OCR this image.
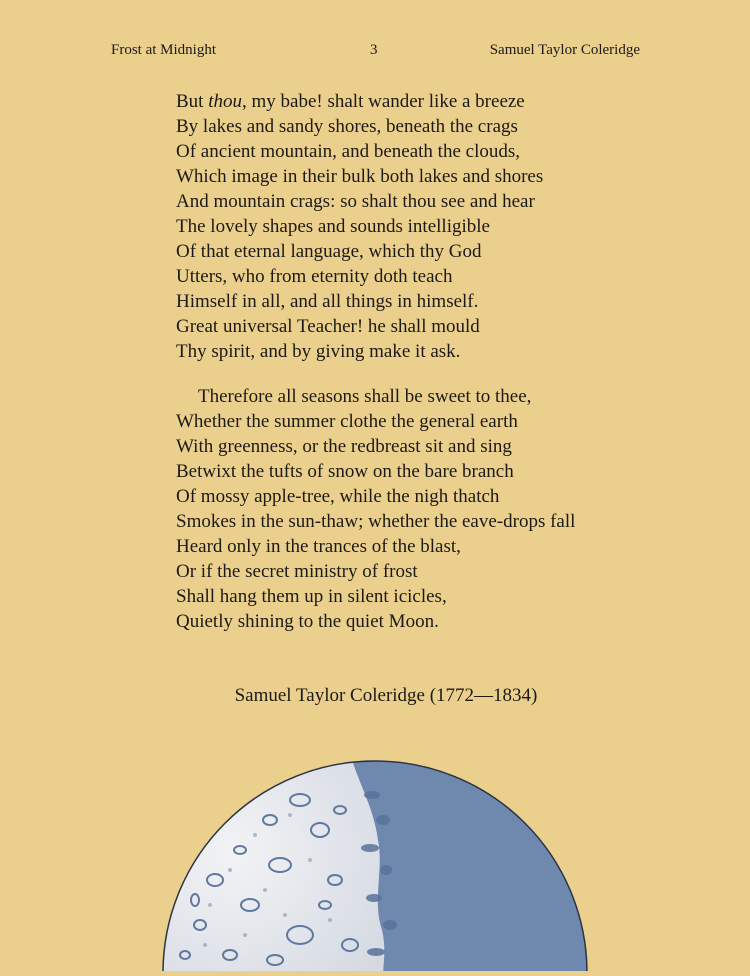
Frost at Midnight	3	Samuel Taylor Coleridge
But thou, my babe! shalt wander like a breeze
By lakes and sandy shores, beneath the crags
Of ancient mountain, and beneath the clouds,
Which image in their bulk both lakes and shores
And mountain crags: so shalt thou see and hear
The lovely shapes and sounds intelligible
Of that eternal language, which thy God
Utters, who from eternity doth teach
Himself in all, and all things in himself.
Great universal Teacher! he shall mould
Thy spirit, and by giving make it ask.
Therefore all seasons shall be sweet to thee,
Whether the summer clothe the general earth
With greenness, or the redbreast sit and sing
Betwixt the tufts of snow on the bare branch
Of mossy apple-tree, while the nigh thatch
Smokes in the sun-thaw; whether the eave-drops fall
Heard only in the trances of the blast,
Or if the secret ministry of frost
Shall hang them up in silent icicles,
Quietly shining to the quiet Moon.
Samuel Taylor Coleridge (1772—1834)
